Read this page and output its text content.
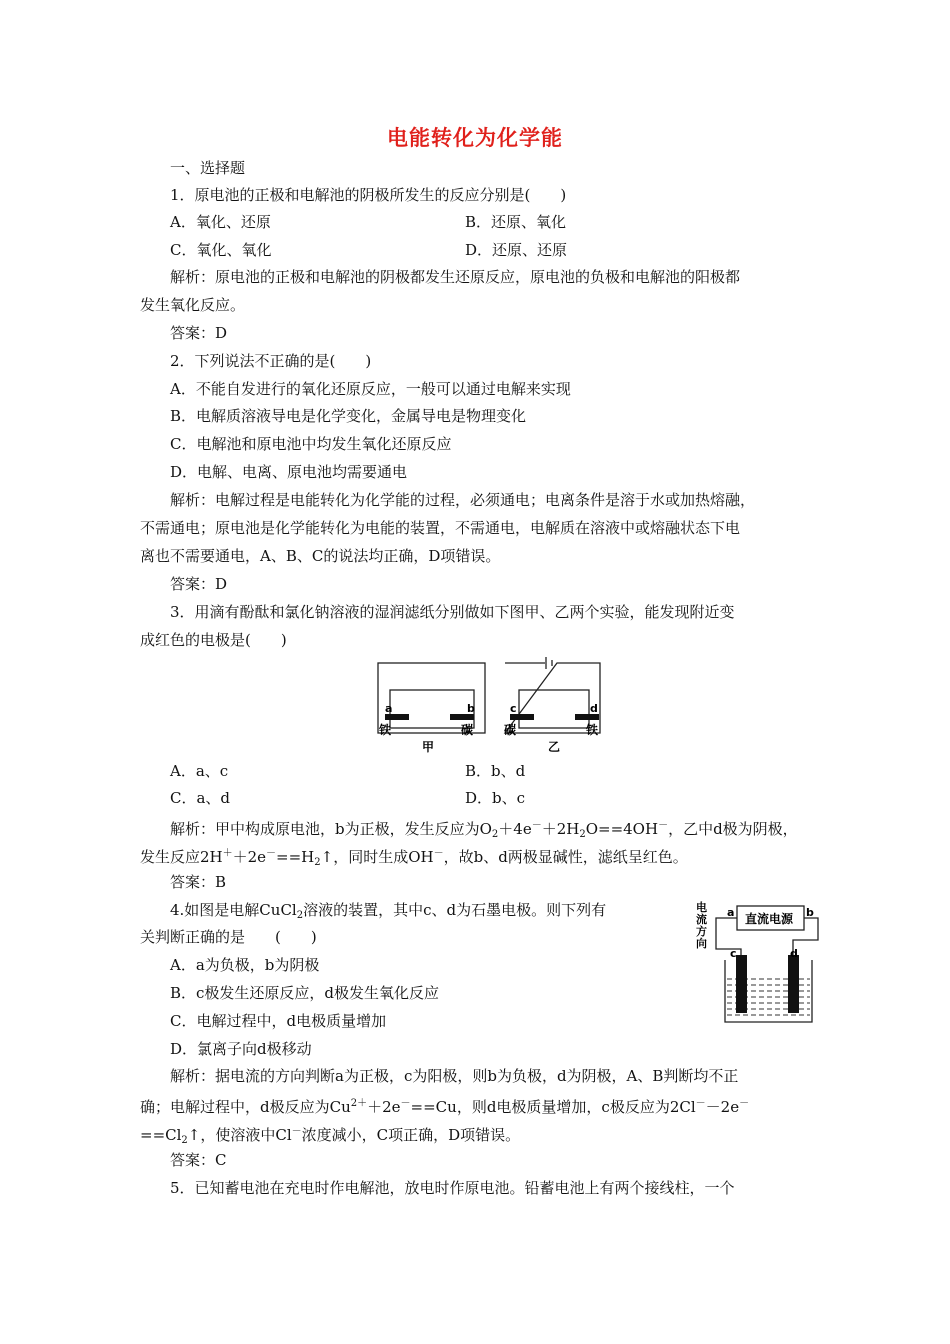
电能转化为化学能
一、选择题
1．原电池的正极和电解池的阴极所发生的反应分别是(　　)
A．氧化、还原	B．还原、氧化
C．氧化、氧化	D．还原、还原
解析：原电池的正极和电解池的阴极都发生还原反应，原电池的负极和电解池的阳极都
发生氧化反应。
答案：D
2．下列说法不正确的是(　　)
A．不能自发进行的氧化还原反应，一般可以通过电解来实现
B．电解质溶液导电是化学变化，金属导电是物理变化
C．电解池和原电池中均发生氧化还原反应
D．电解、电离、原电池均需要通电
解析：电解过程是电能转化为化学能的过程，必须通电；电离条件是溶于水或加热熔融，
不需通电；原电池是化学能转化为电能的装置，不需通电，电解质在溶液中或熔融状态下电
离也不需要通电，A、B、C的说法均正确，D项错误。
答案：D
3．用滴有酚酞和氯化钠溶液的湿润滤纸分别做如下图甲、乙两个实验，能发现附近变
成红色的电极是(　　)
a	b
铁	碳
甲
c	d
碳	铁
乙
A．a、c	B．b、d
C．a、d	D．b、c
解析：甲中构成原电池，b为正极，发生反应为$O_2+4e^-+2H_2O==4OH^-$，乙中d极为阴极，
发生反应$2H^++2e^-==H_2↑$，同时生成OH－，故b、d两极显碱性，滤纸呈红色。
答案：B
4.如图是电解CuCl$_2$溶液的装置，其中c、d为石墨电极。则下列有
关判断正确的是　　(　　)
直流电源
a	b
c	d
电
流
方
向
A．a为负极，b为阴极
B．c极发生还原反应，d极发生氧化反应
C．电解过程中，d电极质量增加
D．氯离子向d极移动
解析：据电流的方向判断a为正极，c为阳极，则b为负极，d为阴极，A、B判断均不正
确；电解过程中，d极反应为$Cu^{2+}+2e^-==Cu$，则d电极质量增加，c极反应为2Cl－－2e－
$==Cl_2↑$，使溶液中Cl－浓度减小，C项正确，D项错误。
答案：C
5．已知蓄电池在充电时作电解池，放电时作原电池。铅蓄电池上有两个接线柱，一个
